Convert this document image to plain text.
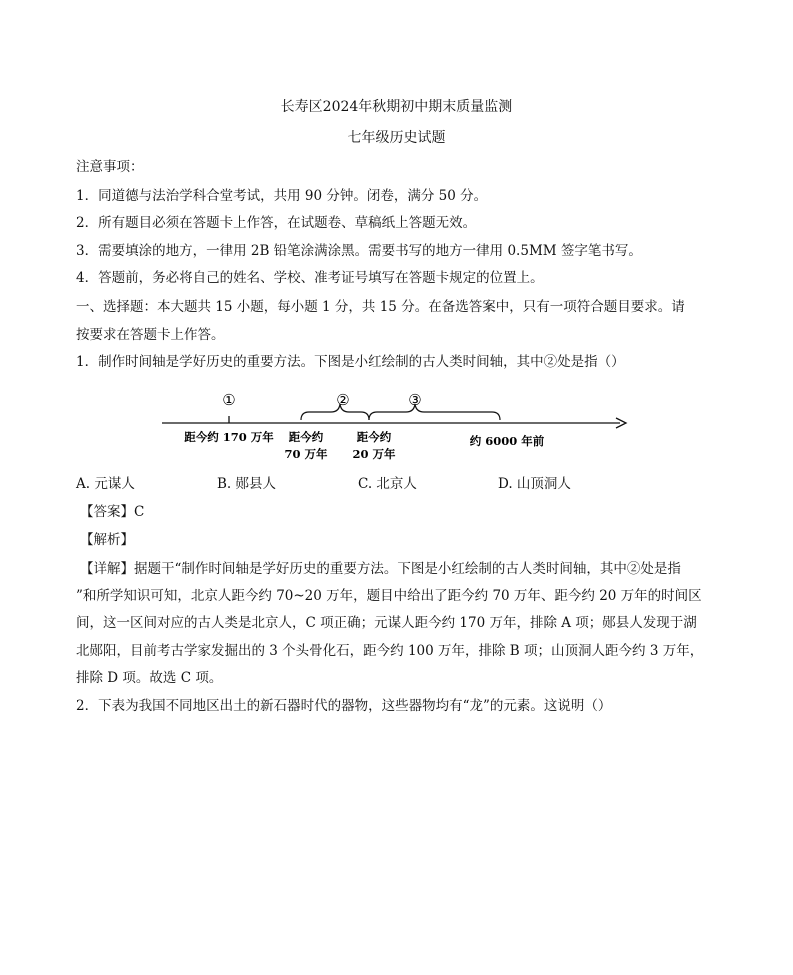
长寿区2024年秋期初中期末质量监测
七年级历史试题
注意事项：
1．同道德与法治学科合堂考试，共用 90 分钟。闭卷，满分 50 分。
2．所有题目必须在答题卡上作答，在试题卷、草稿纸上答题无效。
3．需要填涂的地方，一律用 2B 铅笔涂满涂黑。需要书写的地方一律用 0.5MM 签字笔书写。
4．答题前，务必将自己的姓名、学校、准考证号填写在答题卡规定的位置上。
一、选择题：本大题共 15 小题，每小题 1 分，共 15 分。在备选答案中，只有一项符合题目要求。请
按要求在答题卡上作答。
1．制作时间轴是学好历史的重要方法。下图是小红绘制的古人类时间轴，其中②处是指（）
①	②	③
距今约 170 万年 距今约
70 万年
距今约
20 万年
约 6000 年前
A. 元谋人	B. 郧县人	C. 北京人	D. 山顶洞人
【答案】C
【解析】
【详解】据题干“制作时间轴是学好历史的重要方法。下图是小红绘制的古人类时间轴，其中②处是指
”和所学知识可知，北京人距今约 70~20 万年，题目中给出了距今约 70 万年、距今约 20 万年的时间区
间，这一区间对应的古人类是北京人，C 项正确；元谋人距今约 170 万年，排除 A 项；郧县人发现于湖
北郧阳，目前考古学家发掘出的 3 个头骨化石，距今约 100 万年，排除 B 项；山顶洞人距今约 3 万年，
排除 D 项。故选 C 项。
2．下表为我国不同地区出土的新石器时代的器物，这些器物均有“龙”的元素。这说明（）
